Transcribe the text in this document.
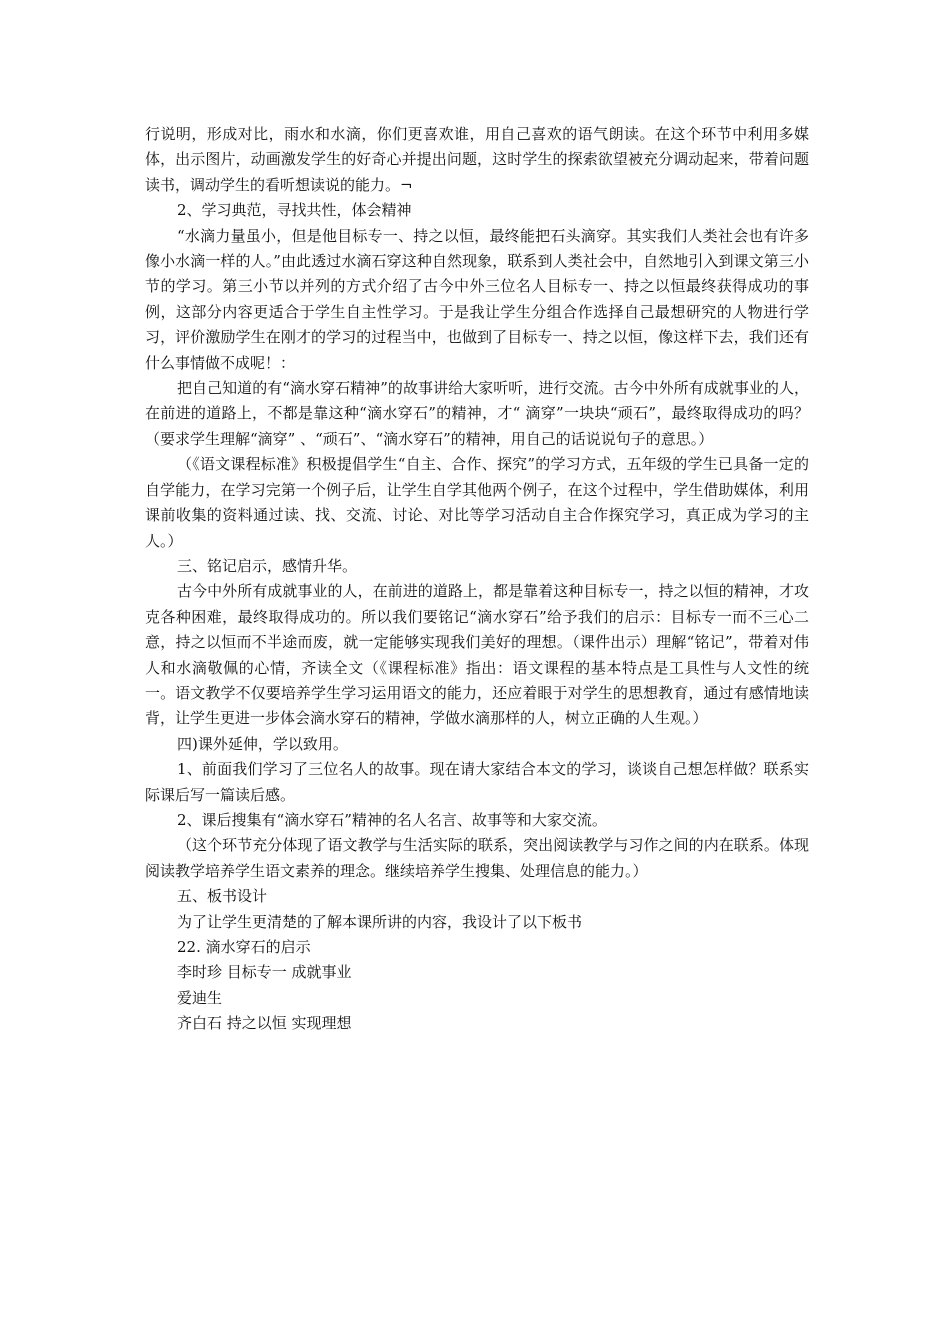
行说明，形成对比，雨水和水滴，你们更喜欢谁，用自己喜欢的语气朗读。在这个环节中利用多媒体，出示图片，动画激发学生的好奇心并提出问题，这时学生的探索欲望被充分调动起来，带着问题读书，调动学生的看听想读说的能力。¬

2、学习典范，寻找共性，体会精神

“水滴力量虽小，但是他目标专一、持之以恒，最终能把石头滴穿。其实我们人类社会也有许多像小水滴一样的人。”由此透过水滴石穿这种自然现象，联系到人类社会中，自然地引入到课文第三小节的学习。第三小节以并列的方式介绍了古今中外三位名人目标专一、持之以恒最终获得成功的事例，这部分内容更适合于学生自主性学习。于是我让学生分组合作选择自己最想研究的人物进行学习，评价激励学生在刚才的学习的过程当中，也做到了目标专一、持之以恒，像这样下去，我们还有什么事情做不成呢！：

把自己知道的有“滴水穿石精神”的故事讲给大家听听，进行交流。古今中外所有成就事业的人，在前进的道路上，不都是靠这种“滴水穿石”的精神，才“ 滴穿”一块块“顽石”，最终取得成功的吗？（要求学生理解“滴穿” 、“顽石”、“滴水穿石”的精神，用自己的话说说句子的意思。）

（《语文课程标准》积极提倡学生“自主、合作、探究”的学习方式，五年级的学生已具备一定的自学能力，在学习完第一个例子后，让学生自学其他两个例子，在这个过程中，学生借助媒体，利用课前收集的资料通过读、找、交流、讨论、对比等学习活动自主合作探究学习，真正成为学习的主人。）

三、铭记启示，感情升华。

古今中外所有成就事业的人，在前进的道路上，都是靠着这种目标专一，持之以恒的精神，才攻克各种困难，最终取得成功的。所以我们要铭记“滴水穿石”给予我们的启示：目标专一而不三心二意，持之以恒而不半途而废，就一定能够实现我们美好的理想。（课件出示）理解“铭记”，带着对伟人和水滴敬佩的心情，齐读全文（《课程标准》指出：语文课程的基本特点是工具性与人文性的统一。语文教学不仅要培养学生学习运用语文的能力，还应着眼于对学生的思想教育，通过有感情地读背，让学生更进一步体会滴水穿石的精神，学做水滴那样的人，树立正确的人生观。）

四)课外延伸，学以致用。

1、前面我们学习了三位名人的故事。现在请大家结合本文的学习，谈谈自己想怎样做？联系实际课后写一篇读后感。

2、课后搜集有“滴水穿石”精神的名人名言、故事等和大家交流。

（这个环节充分体现了语文教学与生活实际的联系，突出阅读教学与习作之间的内在联系。体现阅读教学培养学生语文素养的理念。继续培养学生搜集、处理信息的能力。）

五、板书设计

为了让学生更清楚的了解本课所讲的内容，我设计了以下板书

22. 滴水穿石的启示

李时珍 目标专一 成就事业

爱迪生

齐白石 持之以恒 实现理想
